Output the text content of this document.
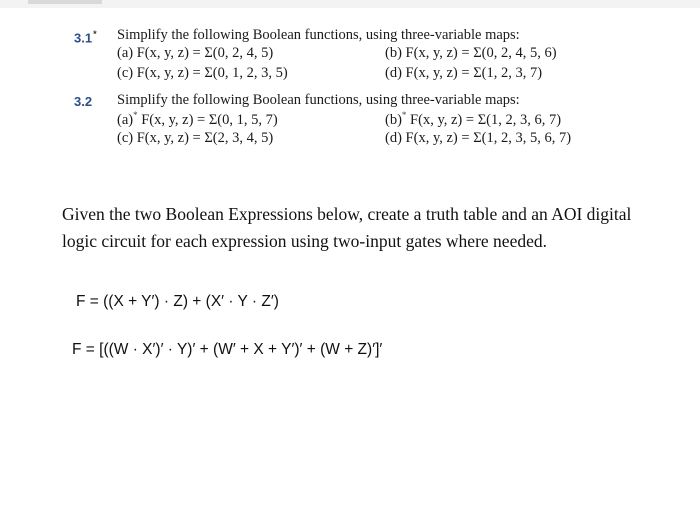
3.1* Simplify the following Boolean functions, using three-variable maps:
(a) F(x, y, z) = Σ(0, 2, 4, 5)	(b) F(x, y, z) = Σ(0, 2, 4, 5, 6)
(c) F(x, y, z) = Σ(0, 1, 2, 3, 5)	(d) F(x, y, z) = Σ(1, 2, 3, 7)
3.2 Simplify the following Boolean functions, using three-variable maps:
(a)* F(x, y, z) = Σ(0, 1, 5, 7)	(b)* F(x, y, z) = Σ(1, 2, 3, 6, 7)
(c) F(x, y, z) = Σ(2, 3, 4, 5)	(d) F(x, y, z) = Σ(1, 2, 3, 5, 6, 7)
Given the two Boolean Expressions below, create a truth table and an AOI digital logic circuit for each expression using two-input gates where needed.
F = ((X + Y′) · Z) + (X′ · Y · Z′)
F = [((W · X′)′ · Y)′ + (W′ + X + Y′)′ + (W + Z)′]′
